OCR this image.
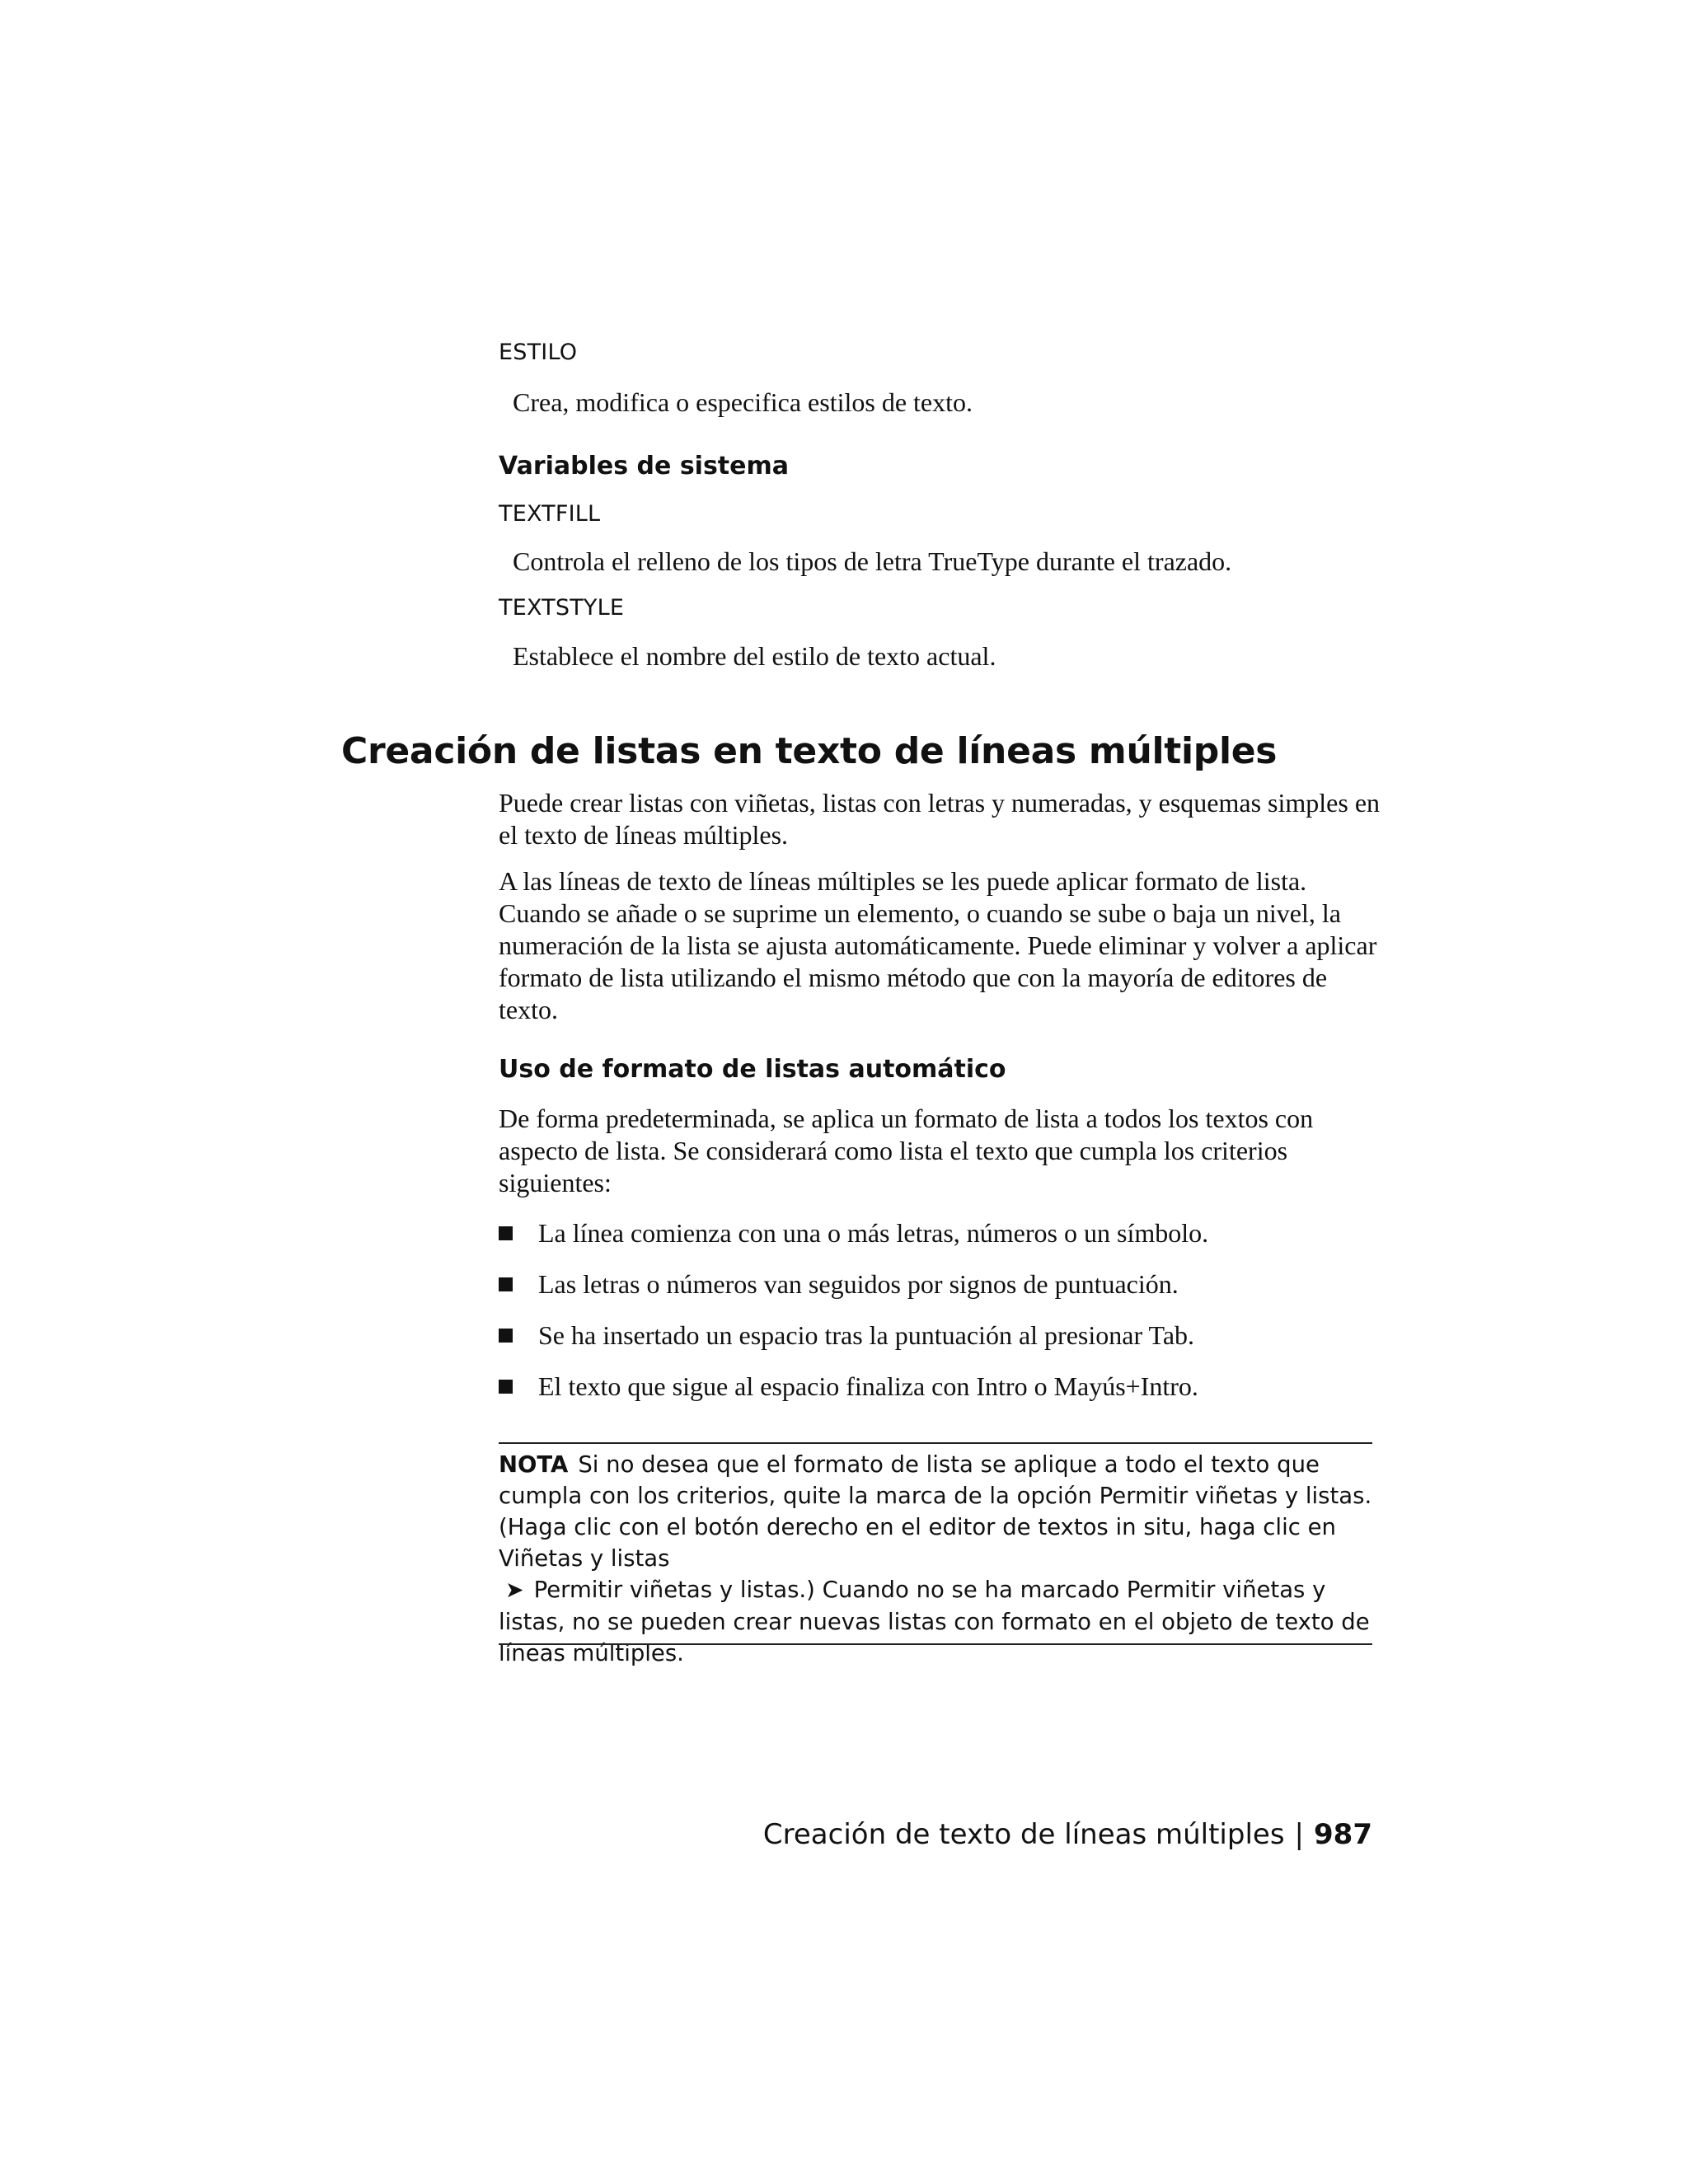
ESTILO

Crea, modifica o especifica estilos de texto.

Variables de sistema

TEXTFILL

Controla el relleno de los tipos de letra TrueType durante el trazado.

TEXTSTYLE

Establece el nombre del estilo de texto actual.

Creación de listas en texto de líneas múltiples

Puede crear listas con viñetas, listas con letras y numeradas, y esquemas simples en el texto de líneas múltiples.

A las líneas de texto de líneas múltiples se les puede aplicar formato de lista. Cuando se añade o se suprime un elemento, o cuando se sube o baja un nivel, la numeración de la lista se ajusta automáticamente. Puede eliminar y volver a aplicar formato de lista utilizando el mismo método que con la mayoría de editores de texto.

Uso de formato de listas automático

De forma predeterminada, se aplica un formato de lista a todos los textos con aspecto de lista. Se considerará como lista el texto que cumpla los criterios siguientes:

La línea comienza con una o más letras, números o un símbolo.
Las letras o números van seguidos por signos de puntuación.
Se ha insertado un espacio tras la puntuación al presionar Tab.
El texto que sigue al espacio finaliza con Intro o Mayús+Intro.

NOTA Si no desea que el formato de lista se aplique a todo el texto que cumpla con los criterios, quite la marca de la opción Permitir viñetas y listas. (Haga clic con el botón derecho en el editor de textos in situ, haga clic en Viñetas y listas
➤ Permitir viñetas y listas.) Cuando no se ha marcado Permitir viñetas y listas, no se pueden crear nuevas listas con formato en el objeto de texto de líneas múltiples.

Creación de texto de líneas múltiples | 987
